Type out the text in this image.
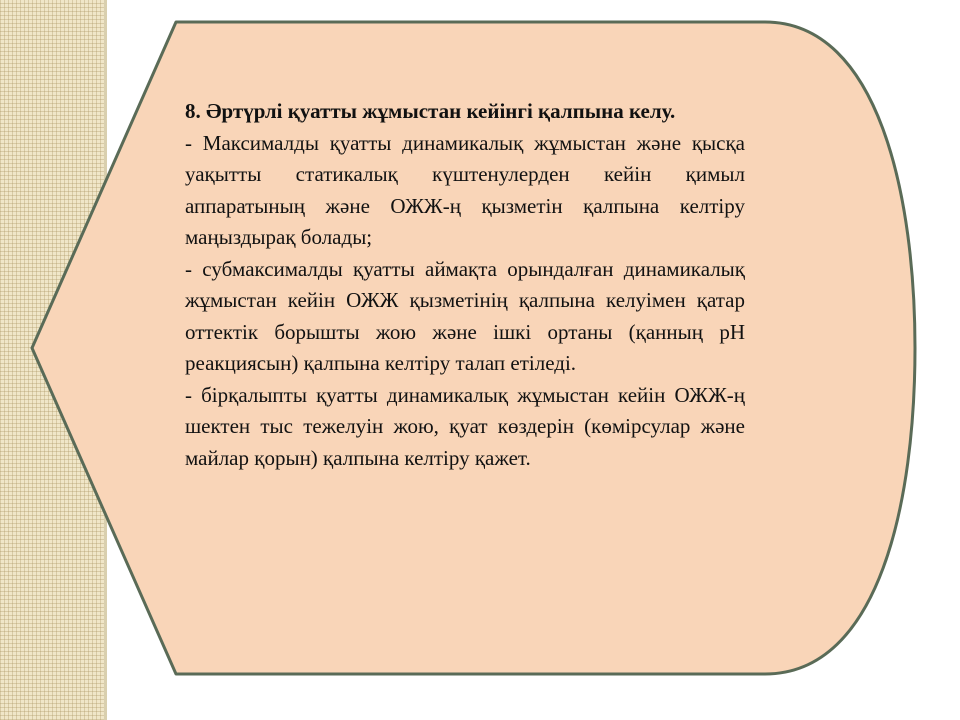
8. Әртүрлі қуатты жұмыстан кейінгі қалпына келу.

- Максималды қуатты динамикалық жұмыстан және қысқа уақытты статикалық күштенулерден кейін қимыл аппаратының және ОЖЖ-ң қызметін қалпына келтіру маңыздырақ болады;

- субмаксималды қуатты аймақта орындалған динамикалық жұмыстан кейін ОЖЖ қызметінің қалпына келуімен қатар оттектік борышты жою және ішкі ортаны (қанның pH реакциясын) қалпына келтіру талап етіледі.

- бірқалыпты қуатты динамикалық жұмыстан кейін ОЖЖ-ң шектен тыс тежелуін жою, қуат көздерін (көмірсулар және майлар қорын) қалпына келтіру қажет.
